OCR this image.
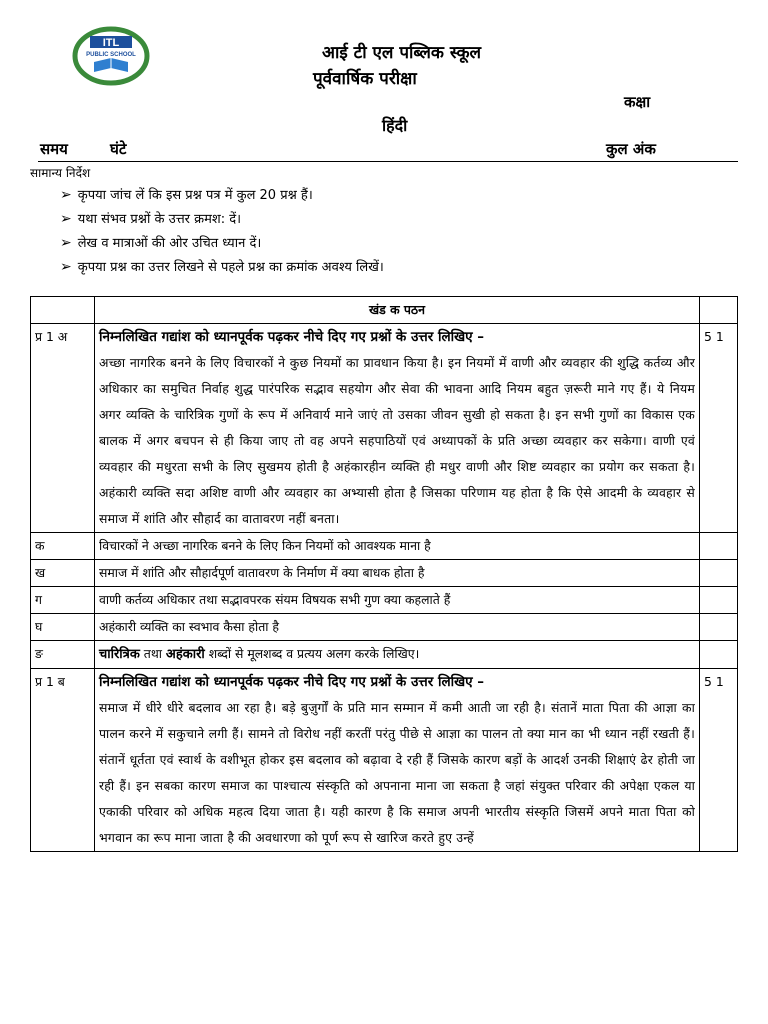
ITL
PUBLIC SCHOOL	आई टी एल पब्लिक स्कूल
पूर्ववार्षिक परीक्षा
कक्षा
हिंदी
समय	घंटे	कुल अंक
सामान्य निर्देश
➢ कृपया जांच लें कि इस प्रश्न पत्र में कुल 20 प्रश्न हैं।
➢ यथा संभव प्रश्नों के उत्तर क्रमश: दें।
➢ लेख व मात्राओं की ओर उचित ध्यान दें।
➢ कृपया प्रश्न का उत्तर लिखने से पहले प्रश्न का क्रमांक अवश्य लिखें।
	खंड क पठन	
प्र 1 अ	निम्नलिखित गद्यांश को ध्यानपूर्वक पढ़कर नीचे दिए गए प्रश्नों के उत्तर लिखिए –
अच्छा नागरिक बनने के लिए विचारकों ने कुछ नियमों का प्रावधान किया है। इन नियमों में वाणी और व्यवहार की शुद्धि कर्तव्य और अधिकार का समुचित निर्वाह शुद्ध पारंपरिक सद्भाव सहयोग और सेवा की भावना आदि नियम बहुत ज़रूरी माने गए हैं। ये नियम अगर व्यक्ति के चारित्रिक गुणों के रूप में अनिवार्य माने जाएं तो उसका जीवन सुखी हो सकता है। इन सभी गुणों का विकास एक बालक में अगर बचपन से ही किया जाए तो वह अपने सहपाठियों एवं अध्यापकों के प्रति अच्छा व्यवहार कर सकेगा। वाणी एवं व्यवहार की मधुरता सभी के लिए सुखमय होती है अहंकारहीन व्यक्ति ही मधुर वाणी और शिष्ट व्यवहार का प्रयोग कर सकता है। अहंकारी व्यक्ति सदा अशिष्ट वाणी और व्यवहार का अभ्यासी होता है जिसका परिणाम यह होता है कि ऐसे आदमी के व्यवहार से समाज में शांति और सौहार्द का वातावरण नहीं बनता।	5 1
क	विचारकों ने अच्छा नागरिक बनने के लिए किन नियमों को आवश्यक माना है	
ख	समाज में शांति और सौहार्दपूर्ण वातावरण के निर्माण में क्या बाधक होता है	
ग	वाणी कर्तव्य अधिकार तथा सद्भावपरक संयम विषयक सभी गुण क्या कहलाते हैं	
घ	अहंकारी व्यक्ति का स्वभाव कैसा होता है	
ङ	चारित्रिक तथा अहंकारी शब्दों से मूलशब्द व प्रत्यय अलग करके लिखिए।	
प्र 1 ब	निम्नलिखित गद्यांश को ध्यानपूर्वक पढ़कर नीचे दिए गए प्रश्नों के उत्तर लिखिए –
समाज में धीरे धीरे बदलाव आ रहा है। बड़े बुज़ुर्गों के प्रति मान सम्मान में कमी आती जा रही है। संतानें माता पिता की आज्ञा का पालन करने में सकुचाने लगी हैं। सामने तो विरोध नहीं करतीं परंतु पीछे से आज्ञा का पालन तो क्या मान का भी ध्यान नहीं रखती हैं। संतानें धूर्तता एवं स्वार्थ के वशीभूत होकर इस बदलाव को बढ़ावा दे रही हैं जिसके कारण बड़ों के आदर्श उनकी शिक्षाएं ढेर होती जा रही हैं। इन सबका कारण समाज का पाश्चात्य संस्कृति को अपनाना माना जा सकता है जहां संयुक्त परिवार की अपेक्षा एकल या एकाकी परिवार को अधिक महत्व दिया जाता है। यही कारण है कि समाज अपनी भारतीय संस्कृति जिसमें अपने माता पिता को भगवान का रूप माना जाता है की अवधारणा को पूर्ण रूप से खारिज करते हुए उन्हें	5 1
